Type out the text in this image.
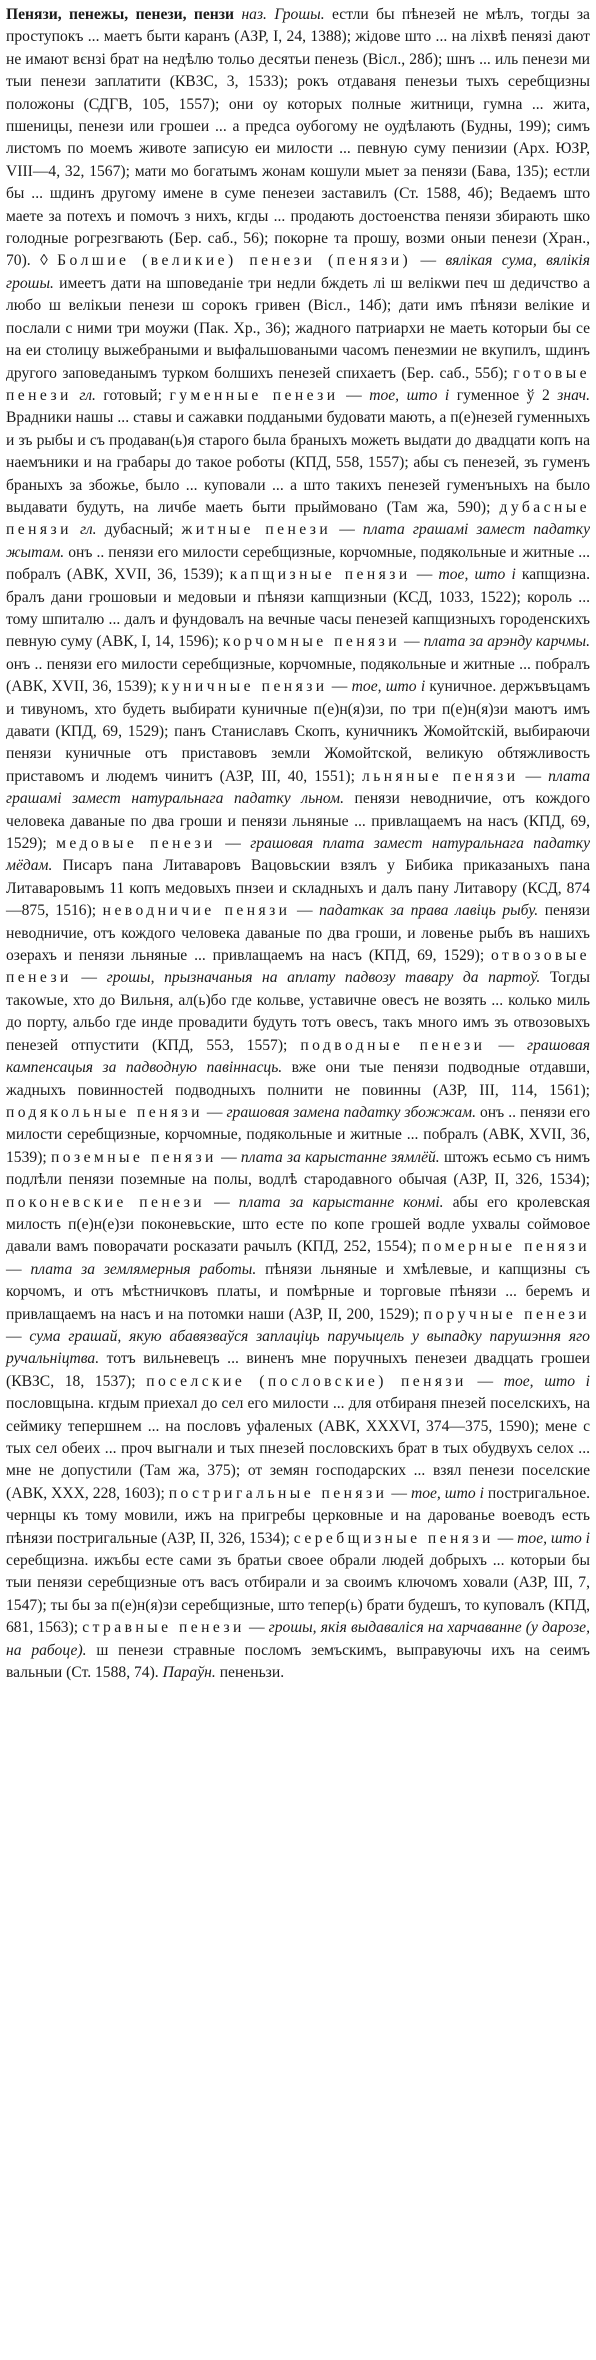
Пенязи, пенежы, пенези, пензи наз. Грошы. естли бы пѣнезей не мѣлъ, тогды за проступокъ ... маетъ быти каранъ (АЗР, I, 24, 1388); жідове што ... на ліхвѣ пенязі дают не имают вєнзі брат на недѣлю тольо десятьи пенезь (Віcл., 28б); шнъ ... иль пенези ми тыи пенези заплатити (КВЗС, 3, 1533); рокъ отдаваня пенезьи тыхъ серебщизны положоны (СДГВ, 105, 1557); они оу которых полные житници, гумна ... жита, пшеницы, пенези или грошеи ... а предса оубогому не оудѣлають (Будны, 199); симъ листомъ по моемъ животе записую еи милости ... певную суму пенизии (Арх. ЮЗР, VIII—4, 32, 1567); мати мо богатымъ жонам кошули мыет за пенязи (Бава, 135); естли бы ... шдинъ другому имене в сумe пенезеи заставилъ (Ст. 1588, 4б); Ведаемъ што маете за потехъ и помочъ з нихъ, кгды ... продають достоенства пенязи збирають шко голодные рогрезгвають (Бер. саб., 56); покорне та прошу, возми оныи пенези (Хран., 70). ◊ Болшие (великие) пенези (пенязи) — вялікая сума, вялікія грошы. имеетъ дати на шповеданіе три недли бждеть лі ш велікѡи печ ш дедичство а любо ш велікыи пенези ш сорокъ гривен (Віcл., 14б); дати имъ пѣнязи велікие и послали с ними три моужи (Пак. Хр., 36); жадного патриархи не маеть которыи бы се на еи столицу выжебраными и выфальшоваными часомъ пенезмии не вкупилъ, шдинъ другого заповеданымъ турком болшихъ пенезей спихаетъ (Бер. саб., 55б); готовые пенези гл. готовый; гуменные пенези — тое, што і гуменное ў 2 знач. Врадники нашы ... ставы и сажавки поддаными будовати мають, а п(е)незей гуменныхъ и зъ рыбы и съ продаван(ь)я старого была браныхъ можеть выдати до двадцати копъ на наемъники и на грабары до такое роботы (КПД, 558, 1557); абы съ пенезей, зъ гуменъ браныхъ за збожье, было ... куповали ... а што такихъ пенезей гуменъныхъ на было выдавати будуть, на личбе маеть быти прыймовано (Там жа, 590); дубасные пенязи гл. дубасный; житные пенези — плата грашамі замест падатку жытам. онъ .. пенязи его милости серебщизные, корчомные, подякольные и житные ... побралъ (АВК, XVII, 36, 1539); капщизные пенязи — тое, што і капщизна. бралъ дани грошовыи и медовыи и пѣнязи капщизныи (КСД, 1033, 1522); король ... тому шпиталю ... далъ и фундовалъ на вечные часы пенезей капщизныхъ городенскихъ певную суму (АВК, I, 14, 1596); корчомные пенязи — плата за арэнду карчмы. онъ .. пенязи его милости серебщизные, корчомные, подякольные и житные ... побралъ (АВК, XVII, 36, 1539); куничные пенязи — тое, што і куничное. держъвъцамъ и тивуномъ, хто будеть выбирати куничные п(е)н(я)зи, по три п(е)н(я)зи маютъ имъ давати (КПД, 69, 1529); панъ Станиславъ Скопъ, куничникъ Жомойтскій, выбираючи пенязи куничные отъ приставовъ земли Жомойтской, великую обтяжливость приставомъ и людемъ чинитъ (АЗР, III, 40, 1551); льняные пенязи — плата грашамі замест натуральнага падатку льном. пенязи неводничие, отъ кождого человека даваные по два гроши и пенязи льняные ... привлащаемъ на насъ (КПД, 69, 1529); медовые пенези — грашовая плата замест натуральнага падатку мёдам. Писаръ пана Литаваровъ Вацовьскии взялъ у Бибика приказаныхъ пана Литаваровымъ 11 копъ медовыхъ пнзеи и складныхъ и далъ пану Литавору (КСД, 874—875, 1516); неводничие пенязи — падаткак за права лавіць рыбу. пенязи неводничие, отъ кождого человека даваные по два гроши, и ловенье рыбъ въ нашихъ озерахъ и пенязи льняные ... привлащаемъ на насъ (КПД, 69, 1529); отвозовые пенези — грошы, прызначаныя на аплату падвозу тавару да партоў. Тогды такowые, хто до Вильня, ал(ь)бо где кольве, уставичне овесъ не возять ... колько миль до порту, альбо где инде провадити будуть тотъ овесъ, такъ много имъ зъ отвозовыхъ пенезей отпустити (КПД, 553, 1557); подводные пенези — грашовая кампенсацыя за падводную павіннасць. вже они тые пенязи подводные отдавши, жадныхъ повинностей подводныхъ полнити не повинны (АЗР, III, 114, 1561); подякольные пенязи — грашовая замена падатку збожжам. онъ .. пенязи его милости серебщизные, корчомные, подякольные и житные ... побралъ (АВК, XVII, 36, 1539); поземные пенязи — плата за карыстанне зямлёй. штожъ есьмо съ нимъ подлѣли пенязи поземные на полы, водлѣ стародавного обычая (АЗР, II, 326, 1534); поконевские пенези — плата за карыстанне конмі. абы его кролевская милость п(е)н(е)зи поконевьские, што есте по копе грошей водле ухвалы соймовое давали вамъ поворачати росказати рачылъ (КПД, 252, 1554); померные пенязи — плата за землямерныя работы. пѣнязи льняные и хмѣлевые, и капщизны съ корчомъ, и отъ мѣстничковъ платы, и помѣрные и торговые пѣнязи ... беремъ и привлащаемъ на насъ и на потомки наши (АЗР, II, 200, 1529); поручные пенези — сума грашай, якую абавязваўся заплаціць паручыцель у выпадку парушэння яго ручальніцтва. тотъ вильневецъ ... виненъ мне поручныхъ пенезеи двадцать грошеи (КВЗС, 18, 1537); поселские (пословские) пенязи — тое, што і пословщына. кгдым приехал до сел его милости ... для отбираня пнезей поселскихъ, на сеймику тепершнем ... на пословъ уфаленых (АВК, XXXVI, 374—375, 1590); мене с тых сел обеих ... проч выгнали и тых пнезей пословскихъ брат в тых обудвухъ селох ... мне не допустили (Там жа, 375); от земян господарских ... взял пенези поселские (АВК, XXX, 228, 1603); постригальные пенязи — тое, што і постригальное. чернцы къ тому мовили, ижъ на пригребы церковные и на дарованье воеводъ есть пѣнязи постригальные (АЗР, II, 326, 1534); серебщизные пенязи — тое, што і серебщизна. ижъбы есте сами зъ братьи своее обрали людей добрыхъ ... которыи бы тыи пенязи серебщизные отъ васъ отбирали и за своимъ ключомъ ховали (АЗР, III, 7, 1547); ты бы за п(е)н(я)зи серебщизные, што тепер(ь) брати будешъ, то куповалъ (КПД, 681, 1563); стравные пенези — грошы, якія выдаваліся на харчаванне (у дарозе, на рабоце). ш пенези стравные посломъ земъскимъ, выправуючы ихъ на сеимъ вальныи (Ст. 1588, 74). Параўн. пененьзи.
